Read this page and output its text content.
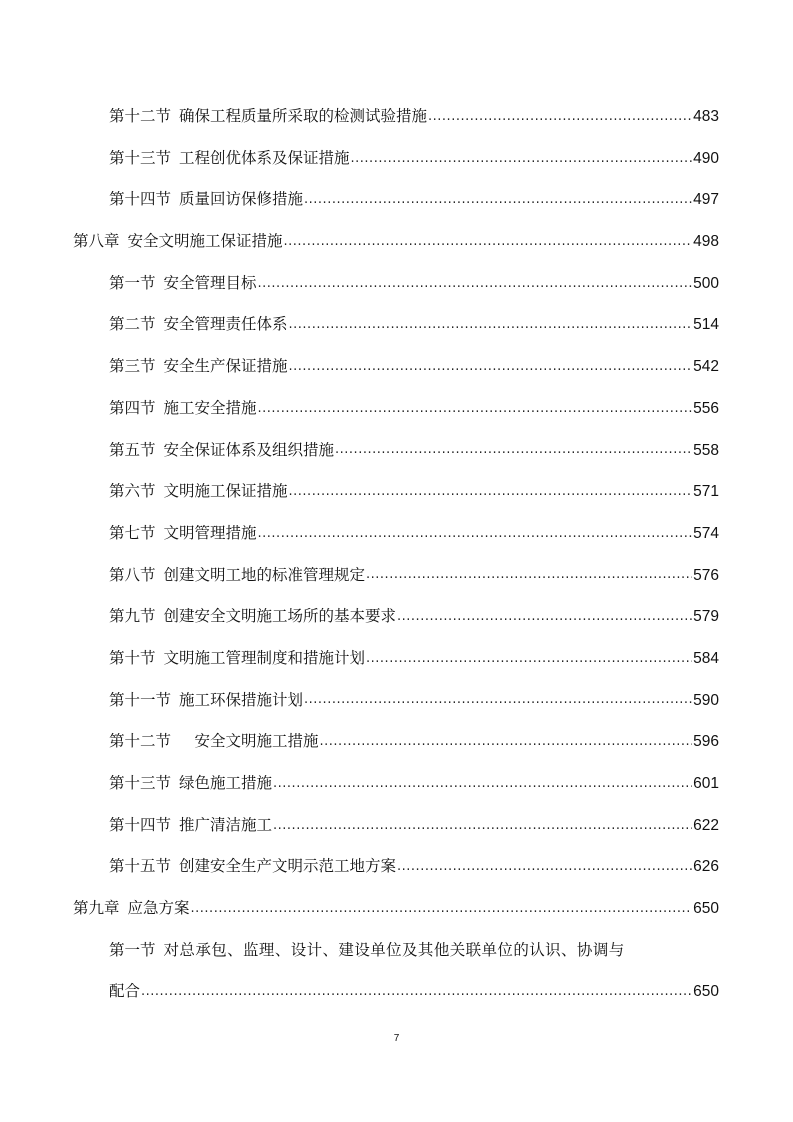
第十二节 确保工程质量所采取的检测试验措施 .....	483
第十三节 工程创优体系及保证措施 .....	490
第十四节 质量回访保修措施 .....	497
第八章 安全文明施工保证措施 .....	498
第一节 安全管理目标 .....	500
第二节 安全管理责任体系 .....	514
第三节 安全生产保证措施 .....	542
第四节 施工安全措施 .....	556
第五节 安全保证体系及组织措施 .....	558
第六节 文明施工保证措施 .....	571
第七节 文明管理措施 .....	574
第八节 创建文明工地的标准管理规定 .....	576
第九节 创建安全文明施工场所的基本要求 .....	579
第十节 文明施工管理制度和措施计划 .....	584
第十一节 施工环保措施计划 .....	590
第十二节 　安全文明施工措施 .....	596
第十三节 绿色施工措施 .....	601
第十四节 推广清洁施工 .....	622
第十五节 创建安全生产文明示范工地方案 .....	626
第九章 应急方案 .....	650
第一节 对总承包、监理、设计、建设单位及其他关联单位的认识、协调与
配合 .....	650
7
